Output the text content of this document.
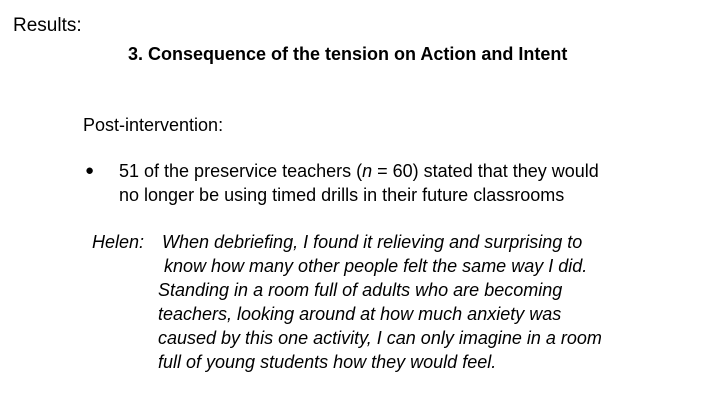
Results:
3. Consequence of the tension on Action and Intent
Post-intervention:
●	51 of the preservice teachers (n = 60) stated that they would
no longer be using timed drills in their future classrooms
Helen: When debriefing, I found it relieving and surprising to
know how many other people felt the same way I did.
Standing in a room full of adults who are becoming
teachers, looking around at how much anxiety was
caused by this one activity, I can only imagine in a room
full of young students how they would feel.
